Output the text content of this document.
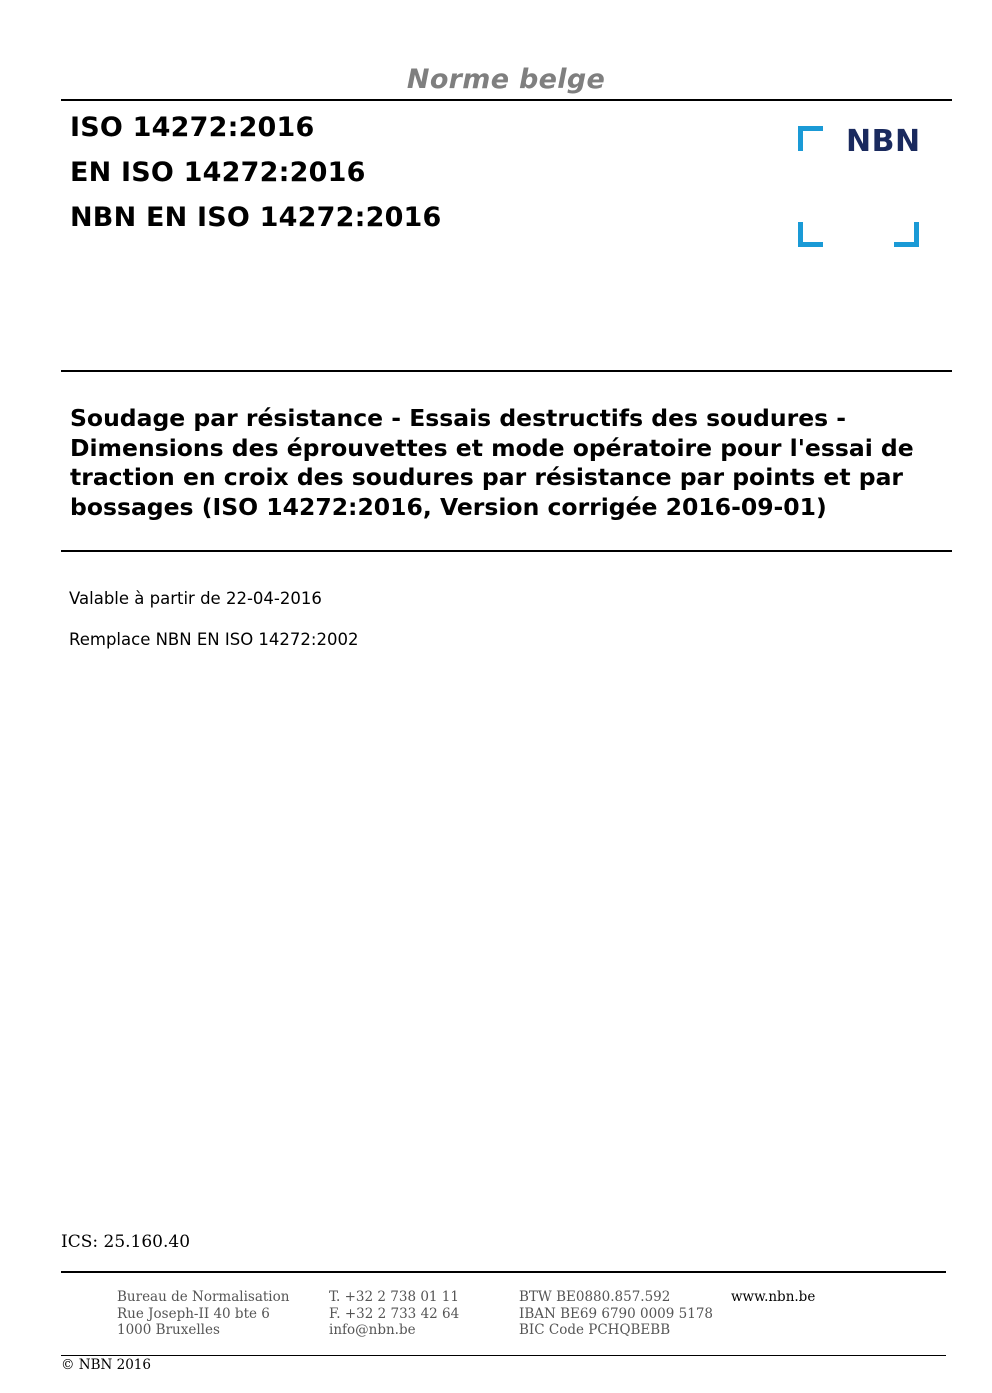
Norme belge
ISO 14272:2016
EN ISO 14272:2016
NBN EN ISO 14272:2016
NBN
Soudage par résistance - Essais destructifs des soudures -
Dimensions des éprouvettes et mode opératoire pour l'essai de
traction en croix des soudures par résistance par points et par
bossages (ISO 14272:2016, Version corrigée 2016-09-01)
Valable à partir de 22-04-2016
Remplace NBN EN ISO 14272:2002
ICS: 25.160.40
Bureau de Normalisation
Rue Joseph-II 40 bte 6
1000 Bruxelles
T. +32 2 738 01 11
F. +32 2 733 42 64
info@nbn.be
BTW BE0880.857.592
IBAN BE69 6790 0009 5178
BIC Code PCHQBEBB
www.nbn.be
© NBN 2016
